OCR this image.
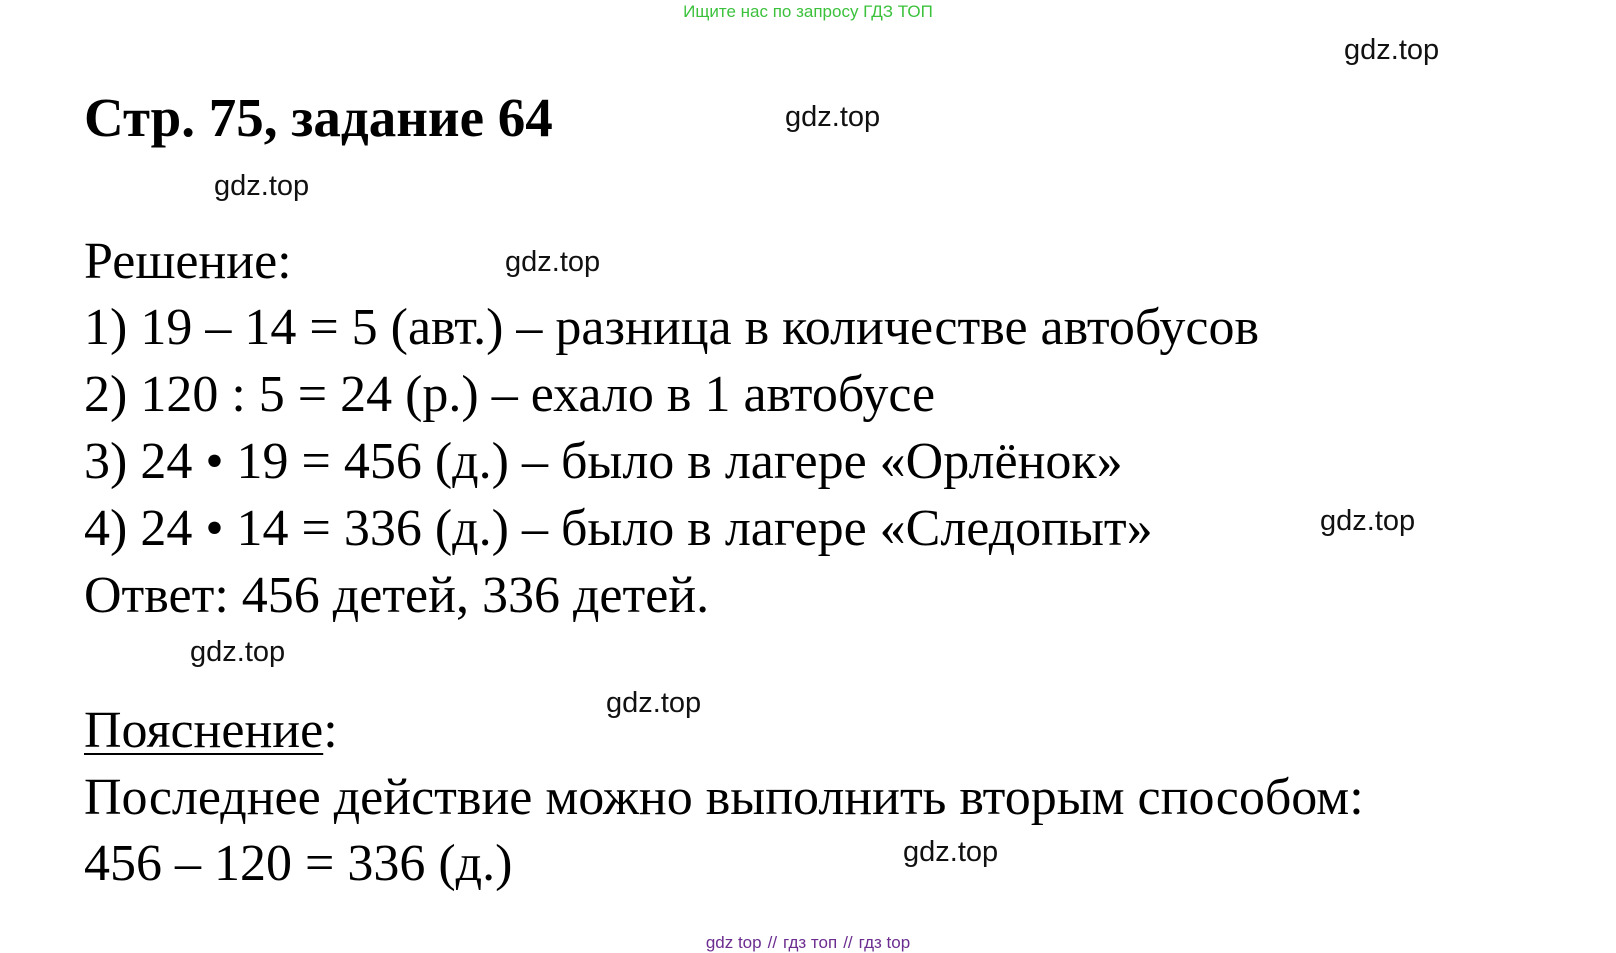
Ищите нас по запросу ГДЗ ТОП
Стр. 75, задание 64
Решение:
1) 19 – 14 = 5 (авт.) – разница в количестве автобусов
2) 120 : 5 = 24 (р.) – ехало в 1 автобусе
3) 24 • 19 = 456 (д.) – было в лагере «Орлёнок»
4) 24 • 14 = 336 (д.) – было в лагере «Следопыт»
Ответ: 456 детей, 336 детей.
Пояснение:
Последнее действие можно выполнить вторым способом:
456 – 120 = 336 (д.)
gdz.top
gdz.top
gdz.top
gdz.top
gdz.top
gdz.top
gdz.top
gdz.top
gdz top // гдз топ // гдз top
